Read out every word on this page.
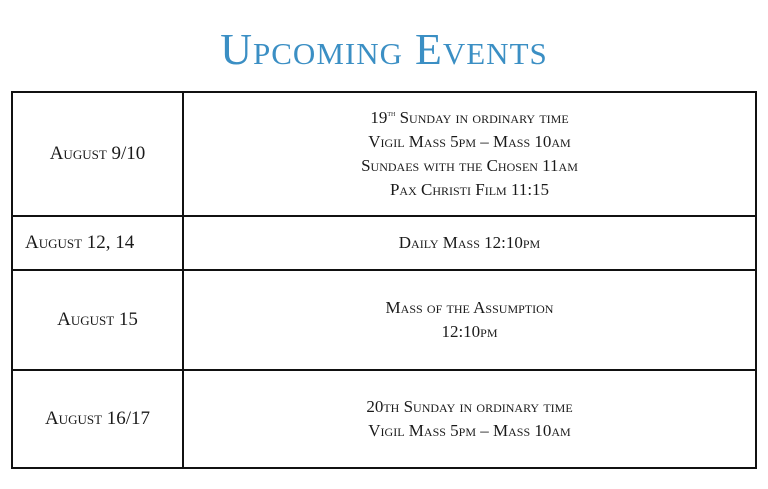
Upcoming Events
August 9/10	19th Sunday in ordinary time
Vigil Mass 5pm – Mass 10am
Sundaes with the Chosen 11am
Pax Christi Film 11:15

August 12, 14	Daily Mass 12:10pm

August 15	Mass of the Assumption
12:10pm

August 16/17	20th Sunday in ordinary time
Vigil Mass 5pm – Mass 10am
